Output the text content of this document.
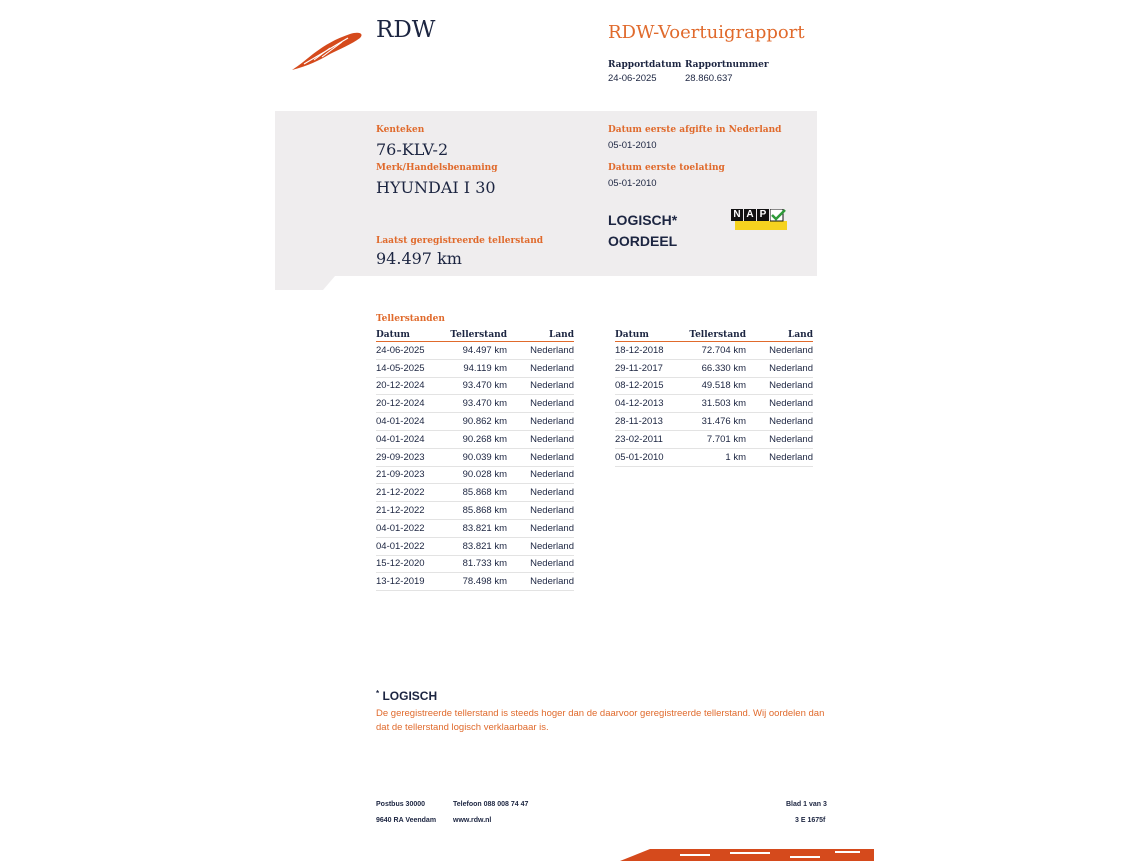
RDW	RDW-Voertuigrapport
Rapportdatum
24-06-2025
Rapportnummer
28.860.637
Kenteken
76-KLV-2
Merk/Handelsbenaming
HYUNDAI I 30
Laatst geregistreerde tellerstand
94.497 km
Datum eerste afgifte in Nederland
05-01-2010
Datum eerste toelating
05-01-2010
LOGISCH*
OORDEEL
N A P
Tellerstanden
Datum	Tellerstand	Land
24-06-2025	94.497 km	Nederland
14-05-2025	94.119 km	Nederland
20-12-2024	93.470 km	Nederland
20-12-2024	93.470 km	Nederland
04-01-2024	90.862 km	Nederland
04-01-2024	90.268 km	Nederland
29-09-2023	90.039 km	Nederland
21-09-2023	90.028 km	Nederland
21-12-2022	85.868 km	Nederland
21-12-2022	85.868 km	Nederland
04-01-2022	83.821 km	Nederland
04-01-2022	83.821 km	Nederland
15-12-2020	81.733 km	Nederland
13-12-2019	78.498 km	Nederland
Datum	Tellerstand	Land
18-12-2018	72.704 km	Nederland
29-11-2017	66.330 km	Nederland
08-12-2015	49.518 km	Nederland
04-12-2013	31.503 km	Nederland
28-11-2013	31.476 km	Nederland
23-02-2011	7.701 km	Nederland
05-01-2010	1 km	Nederland
* LOGISCH
De geregistreerde tellerstand is steeds hoger dan de daarvoor geregistreerde tellerstand. Wij oordelen dan
dat de tellerstand logisch verklaarbaar is.
Postbus 30000
9640 RA Veendam
Telefoon 088 008 74 47
www.rdw.nl
Blad 1 van 3
3 E 1675f
